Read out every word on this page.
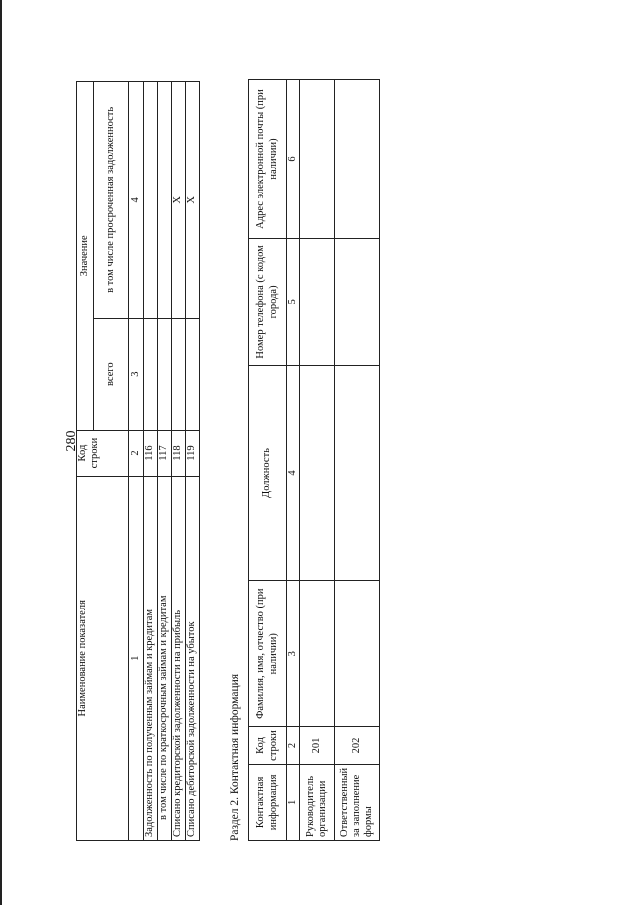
280
Наименование показателя	Код строки	Значение	
		всего	в том числе просроченная задолженность
1	2	3	4
Задолженность по полученным займам и кредитам	116		
в том числе по краткосрочным займам и кредитам	117		
Списано кредиторской задолженности на прибыль	118		X
Списано дебиторской задолженности на убыток	119		X
Раздел 2. Контактная информация Контактная информация	Код строки	Фамилия, имя, отчество (при наличии)	Должность	Номер телефона (с кодом города)	Адрес электронной почты (при наличии)
1	2	3	4	5	6
Руководитель организации	201				
Ответственный за заполнение формы	202				
